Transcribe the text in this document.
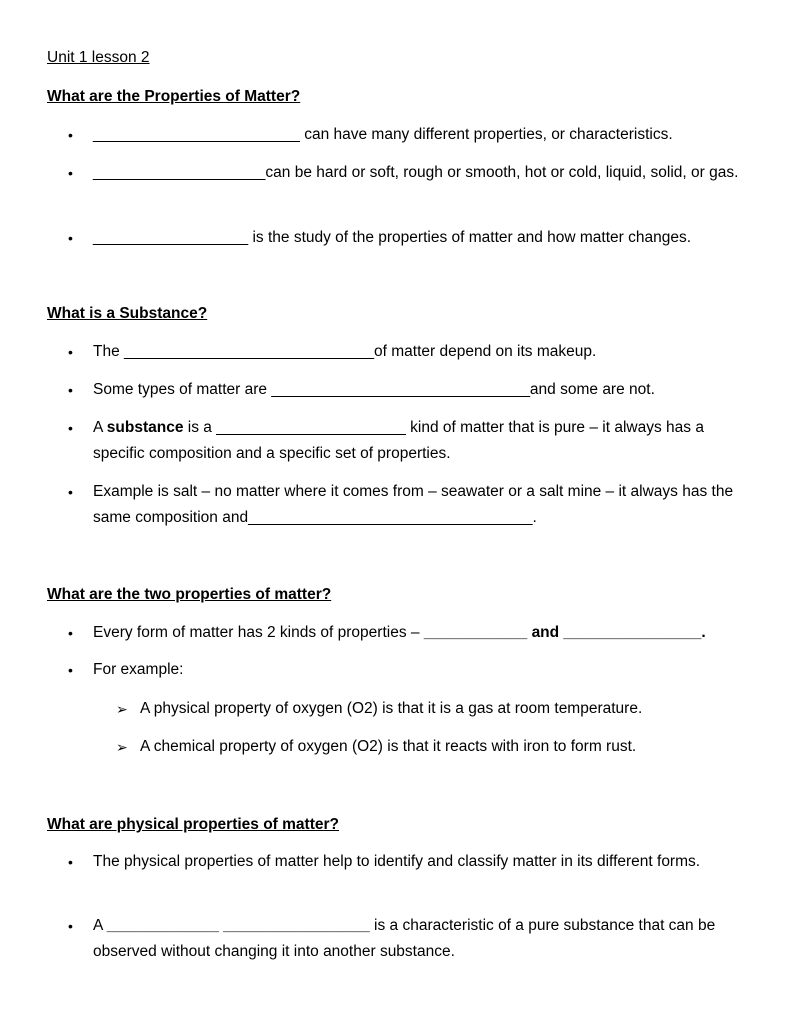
Unit 1 lesson 2
What are the Properties of Matter?
•	________________________ can have many different properties, or characteristics.
•	____________________can be hard or soft, rough or smooth, hot or cold, liquid, solid, or gas.
•	__________________ is the study of the properties of matter and how matter changes.
What is a Substance?
•	The _____________________________of matter depend on its makeup.
•	Some types of matter are ______________________________and some are not.
•	A substance is a ______________________ kind of matter that is pure – it always has a specific composition and a specific set of properties.
•	Example is salt – no matter where it comes from – seawater or a salt mine – it always has the same composition and_________________________________.
What are the two properties of matter?
•	Every form of matter has 2 kinds of properties – ____________ and ________________.
•	For example:
➢ A physical property of oxygen (O2) is that it is a gas at room temperature.
➢ A chemical property of oxygen (O2) is that it reacts with iron to form rust.
What are physical properties of matter?
•	The physical properties of matter help to identify and classify matter in its different forms.
•	A _____________ _________________ is a characteristic of a pure substance that can be observed without changing it into another substance.
